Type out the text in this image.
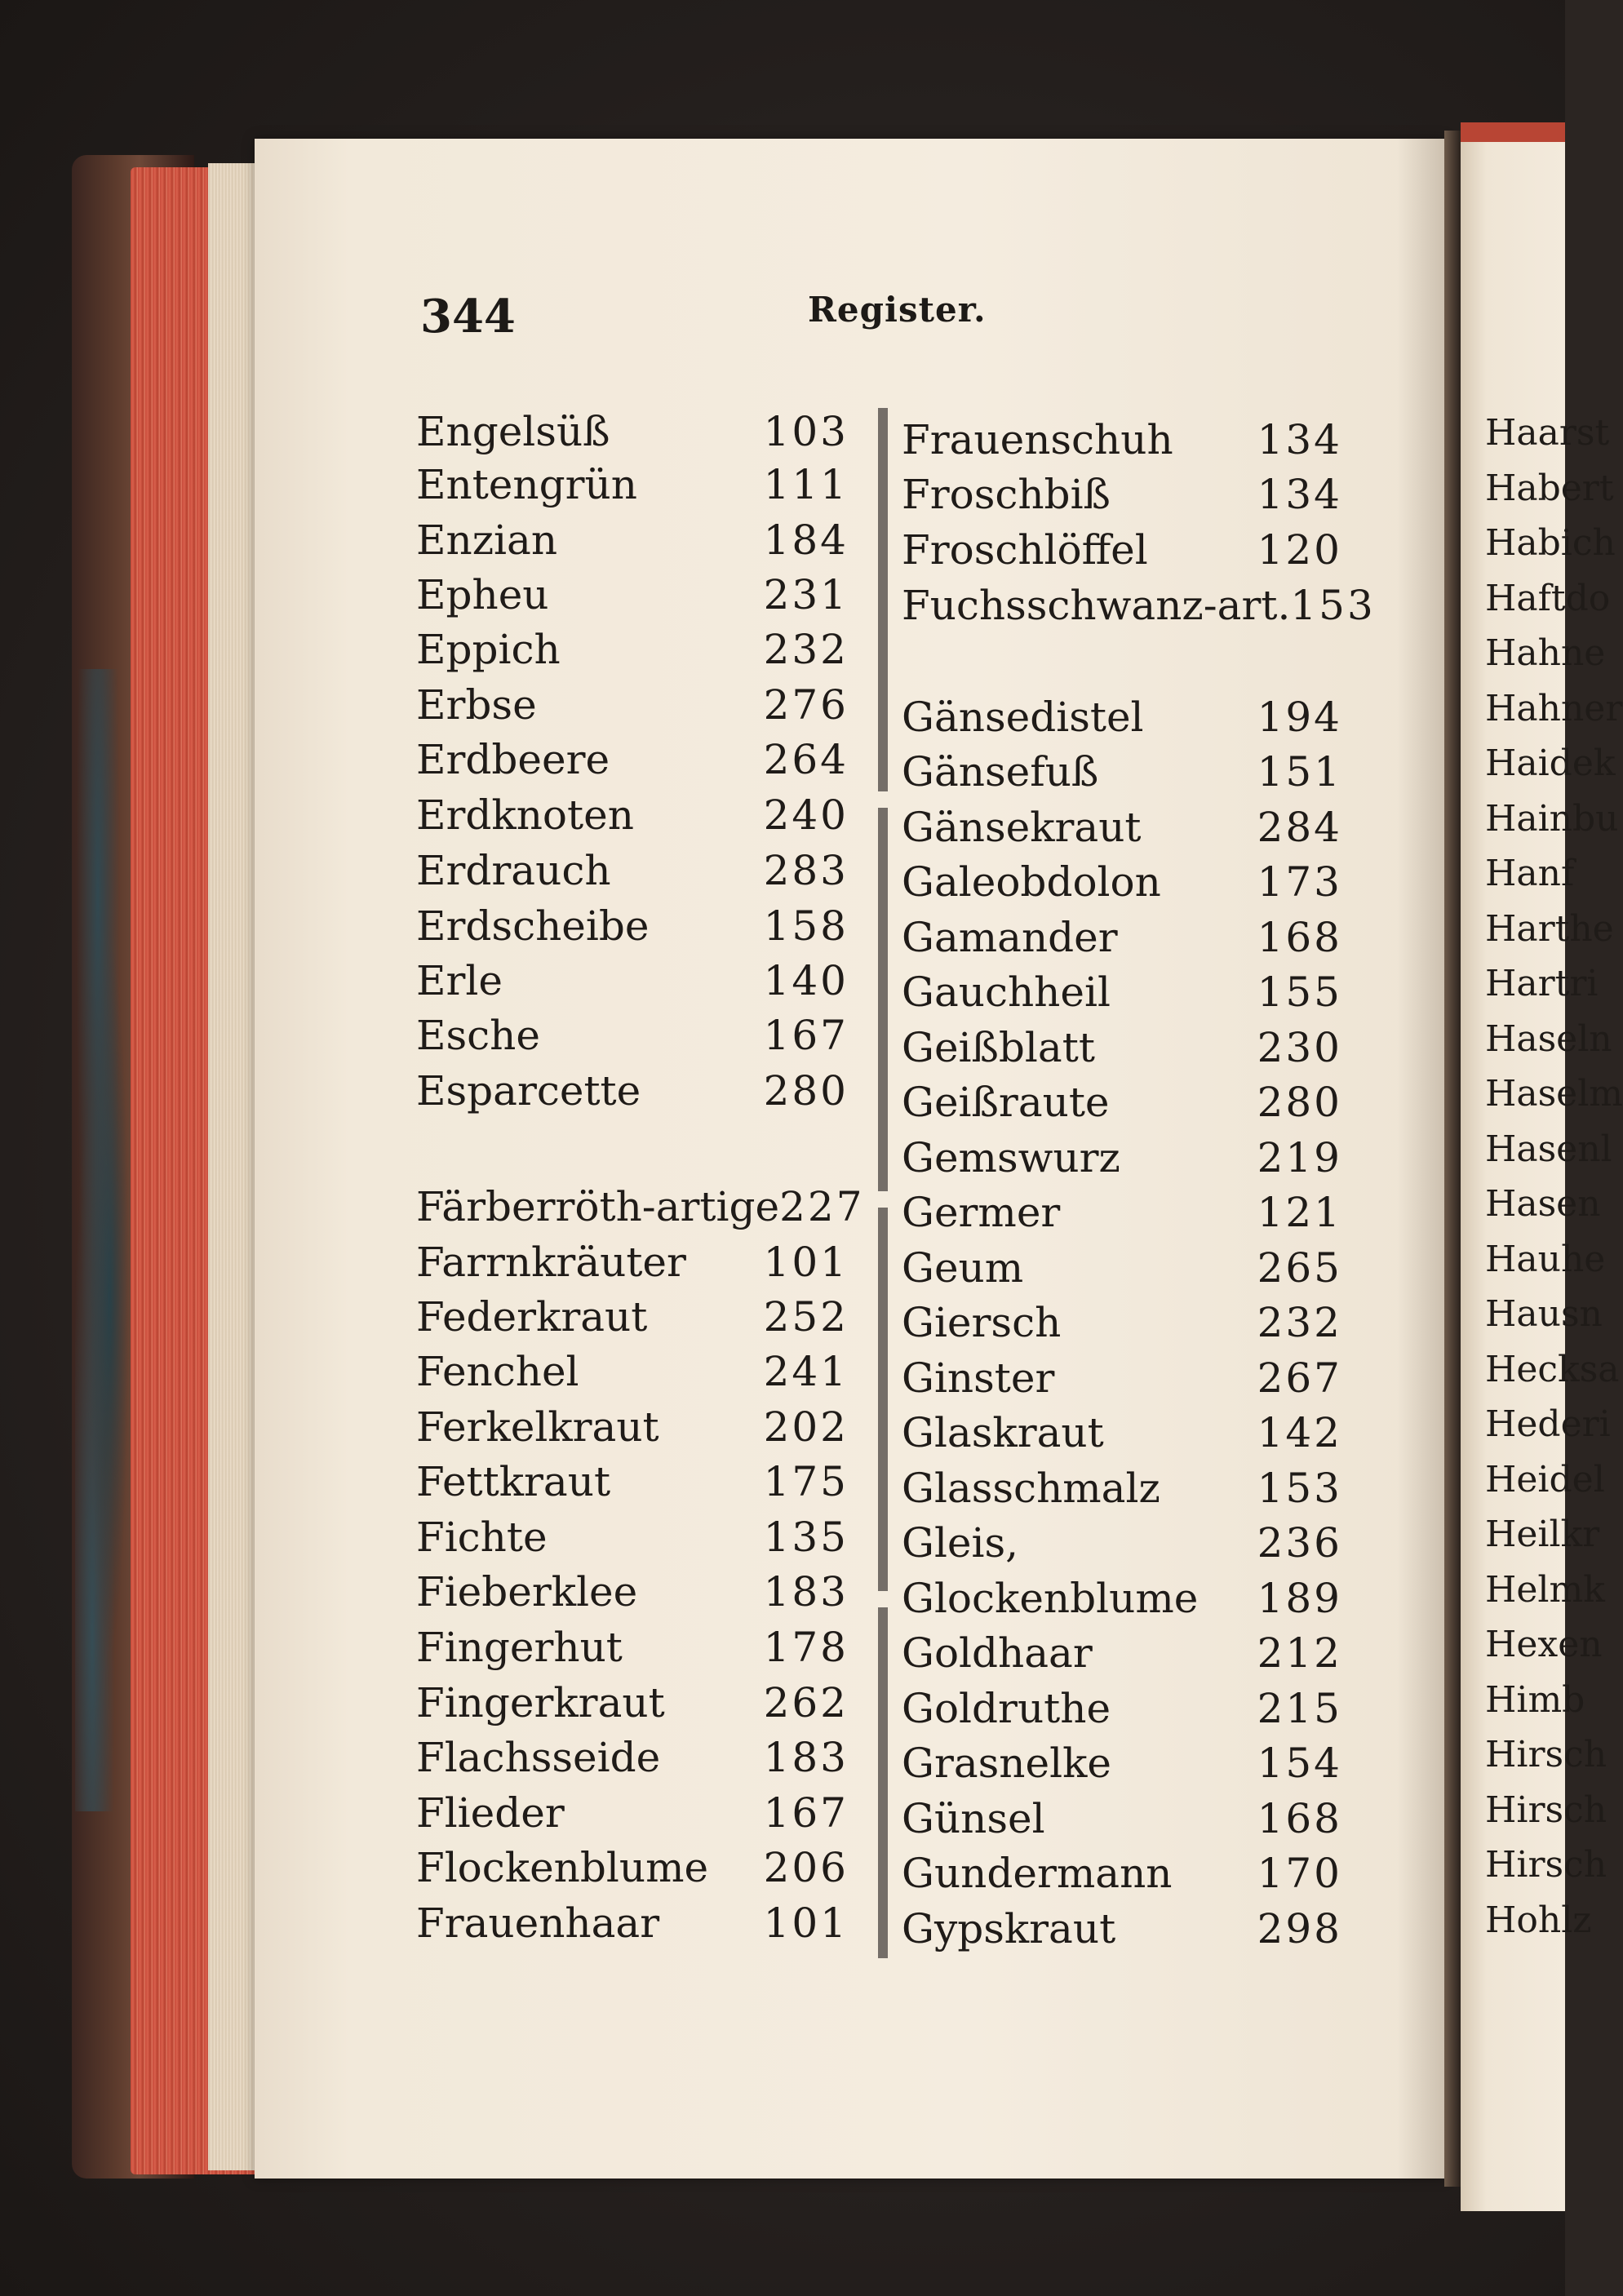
344	Register.
Engelsüß	103
Entengrün	111
Enzian	184
Epheu	231
Eppich	232
Erbse	276
Erdbeere	264
Erdknoten	240
Erdrauch	283
Erdscheibe	158
Erle	140
Esche	167
Esparcette	280
Färberröth-artige 227
Farrnkräuter 101
Federkraut	252
Fenchel	241
Ferkelkraut	202
Fettkraut	175
Fichte	135
Fieberklee	183
Fingerhut	178
Fingerkraut 262
Flachsseide	183
Flieder	167
Flockenblume 206
Frauenhaar	101
Frauenschuh 134
Froschbiß	134
Froschlöffel	120
Fuchsschwanz-art. 153
Gänsedistel	194
Gänsefuß	151
Gänsekraut	284
Galeobdolon 173
Gamander	168
Gauchheil	155
Geißblatt	230
Geißraute	280
Gemswurz	219
Germer	121
Geum	265
Giersch	232
Ginster	267
Glaskraut	142
Glasschmalz 153
Gleis,	236
Glockenblume 189
Goldhaar	212
Goldruthe	215
Grasnelke	154
Günsel	168
Gundermann 170
Gypskraut	298
Haarst
Habert
Habich
Haftdo
Hahne
Hahner
Haidek
Hainbu
Hanf
Harthe
Hartri
Haseln
Haselm
Hasenl
Hasen
Hauhe
Hausn
Hecksa
Hederi
Heidel
Heilkr
Helmk
Hexen
Himb
Hirsch
Hirsch
Hirsch
Hohlz
